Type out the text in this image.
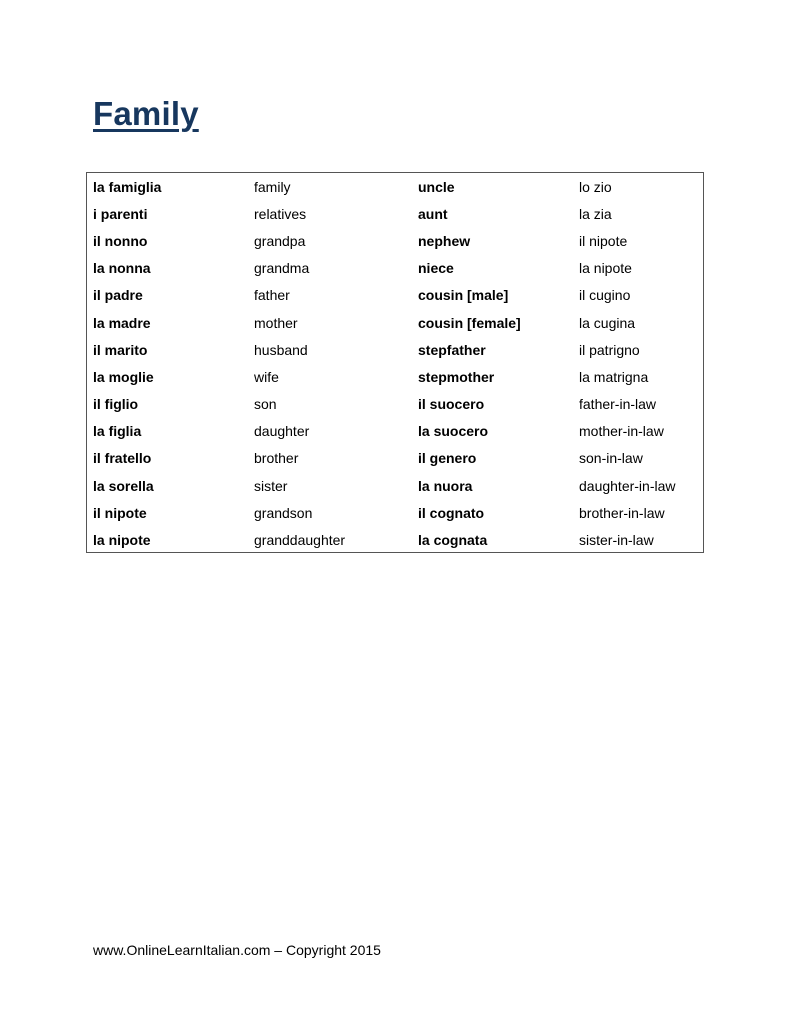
Family
la famiglia	family	uncle	lo zio
i parenti	relatives	aunt	la zia
il nonno	grandpa	nephew	il nipote
la nonna	grandma	niece	la nipote
il padre	father	cousin [male]	il cugino
la madre	mother	cousin [female]	la cugina
il marito	husband	stepfather	il patrigno
la moglie	wife	stepmother	la matrigna
il figlio	son	il suocero	father-in-law
la figlia	daughter	la suocero	mother-in-law
il fratello	brother	il genero	son-in-law
la sorella	sister	la nuora	daughter-in-law
il nipote	grandson	il cognato	brother-in-law
la nipote	granddaughter	la cognata	sister-in-law
www.OnlineLearnItalian.com – Copyright 2015
